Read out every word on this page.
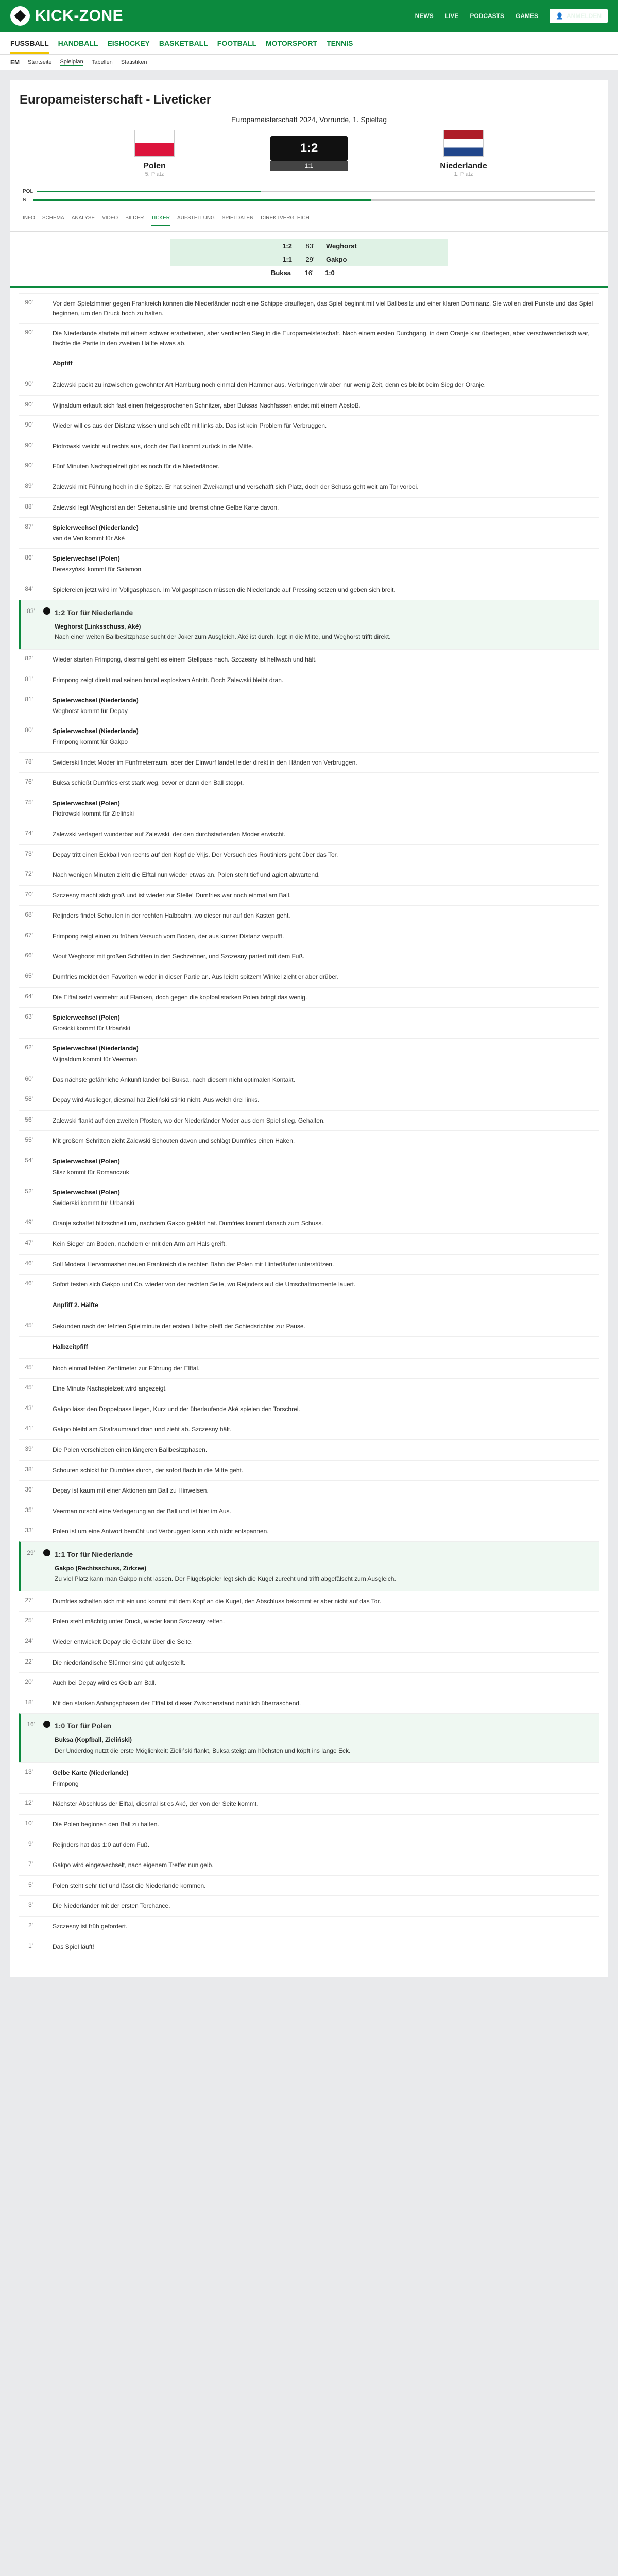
KICK-ZONE	NEWS LIVE PODCASTS GAMES	👤 ANMELDEN
FUSSBALL HANDBALL EISHOCKEY BASKETBALL FOOTBALL MOTORSPORT TENNIS
EM Startseite Spielplan Tabellen Statistiken
Europameisterschaft - Liveticker
Europameisterschaft 2024, Vorrunde, 1. Spieltag
Polen
5. Platz
1:2
1:1	Niederlande
1. Platz
POL
NL
INFO SCHEMA ANALYSE VIDEO BILDER TICKER AUFSTELLUNG SPIELDATEN DIREKTVERGLEICH
1:2	83'	Weghorst
1:1	29'	Gakpo
Buksa	16'	1:0
90'	Vor dem Spielzimmer gegen Frankreich können die Niederländer noch eine Schippe drauflegen, das Spiel beginnt mit viel Ballbesitz und einer klaren Dominanz. Sie wollen drei Punkte und das Spiel beginnen, um den Druck hoch zu halten.
90'	Die Niederlande startete mit einem schwer erarbeiteten, aber verdienten Sieg in die Europameisterschaft. Nach einem ersten Durchgang, in dem Oranje klar überlegen, aber verschwenderisch war, flachte die Partie in den zweiten Hälfte etwas ab.
Abpfiff
90'	Zalewski packt zu inzwischen gewohnter Art Hamburg noch einmal den Hammer aus. Verbringen wir aber nur wenig Zeit, denn es bleibt beim Sieg der Oranje.
90'	Wijnaldum erkauft sich fast einen freigesprochenen Schnitzer, aber Buksas Nachfassen endet mit einem Abstoß.
90'	Wieder will es aus der Distanz wissen und schießt mit links ab. Das ist kein Problem für Verbruggen.
90'	Piotrowski weicht auf rechts aus, doch der Ball kommt zurück in die Mitte.
90'	Fünf Minuten Nachspielzeit gibt es noch für die Niederländer.
89'	Zalewski mit Führung hoch in die Spitze. Er hat seinen Zweikampf und verschafft sich Platz, doch der Schuss geht weit am Tor vorbei.
88'	Zalewski legt Weghorst an der Seitenauslinie und bremst ohne Gelbe Karte davon.
87'	Spielerwechsel (Niederlande)
van de Ven kommt für Aké
86'	Spielerwechsel (Polen)
Bereszyński kommt für Salamon
84'	Spielereien jetzt wird im Vollgasphasen. Im Vollgasphasen müssen die Niederlande auf Pressing setzen und geben sich breit.
83'	1:2 Tor für Niederlande
Weghorst (Linksschuss, Akè)
Nach einer weiten Ballbesitzphase sucht der Joker zum Ausgleich. Aké ist durch, legt in die Mitte, und Weghorst trifft direkt.
82'	Wieder starten Frimpong, diesmal geht es einem Stellpass nach. Szczesny ist hellwach und hält.
81'	Frimpong zeigt direkt mal seinen brutal explosiven Antritt. Doch Zalewski bleibt dran.
81'	Spielerwechsel (Niederlande)
Weghorst kommt für Depay
80'	Spielerwechsel (Niederlande)
Frimpong kommt für Gakpo
78'	Swiderski findet Moder im Fünfmeterraum, aber der Einwurf landet leider direkt in den Händen von Verbruggen.
76'	Buksa schießt Dumfries erst stark weg, bevor er dann den Ball stoppt.
75'	Spielerwechsel (Polen)
Piotrowski kommt für Zieliński
74'	Zalewski verlagert wunderbar auf Zalewski, der den durchstartenden Moder erwischt.
73'	Depay tritt einen Eckball von rechts auf den Kopf de Vrijs. Der Versuch des Routiniers geht über das Tor.
72'	Nach wenigen Minuten zieht die Elftal nun wieder etwas an. Polen steht tief und agiert abwartend.
70'	Szczesny macht sich groß und ist wieder zur Stelle! Dumfries war noch einmal am Ball.
68'	Reijnders findet Schouten in der rechten Halbbahn, wo dieser nur auf den Kasten geht.
67'	Frimpong zeigt einen zu frühen Versuch vom Boden, der aus kurzer Distanz verpufft.
66'	Wout Weghorst mit großen Schritten in den Sechzehner, und Szczesny pariert mit dem Fuß.
65'	Dumfries meldet den Favoriten wieder in dieser Partie an. Aus leicht spitzem Winkel zieht er aber drüber.
64'	Die Elftal setzt vermehrt auf Flanken, doch gegen die kopfballstarken Polen bringt das wenig.
63'	Spielerwechsel (Polen)
Grosicki kommt für Urbański
62'	Spielerwechsel (Niederlande)
Wijnaldum kommt für Veerman
60'	Das nächste gefährliche Ankunft lander bei Buksa, nach diesem nicht optimalen Kontakt.
58'	Depay wird Auslieger, diesmal hat Zieliński stinkt nicht. Aus welch drei links.
56'	Zalewski flankt auf den zweiten Pfosten, wo der Niederländer Moder aus dem Spiel stieg. Gehalten.
55'	Mit großem Schritten zieht Zalewski Schouten davon und schlägt Dumfries einen Haken.
54'	Spielerwechsel (Polen)
Słisz kommt für Romanczuk
52'	Spielerwechsel (Polen)
Swiderski kommt für Urbanski
49'	Oranje schaltet blitzschnell um, nachdem Gakpo geklärt hat. Dumfries kommt danach zum Schuss.
47'	Kein Sieger am Boden, nachdem er mit den Arm am Hals greift.
46'	Soll Modera Hervormasher neuen Frankreich die rechten Bahn der Polen mit Hinterläufer unterstützen.
46'	Sofort testen sich Gakpo und Co. wieder von der rechten Seite, wo Reijnders auf die Umschaltmomente lauert.
Anpfiff 2. Hälfte
45'	Sekunden nach der letzten Spielminute der ersten Hälfte pfeift der Schiedsrichter zur Pause.
Halbzeitpfiff
45'	Noch einmal fehlen Zentimeter zur Führung der Elftal.
45'	Eine Minute Nachspielzeit wird angezeigt.
43'	Gakpo lässt den Doppelpass liegen, Kurz und der überlaufende Aké spielen den Torschrei.
41'	Gakpo bleibt am Strafraumrand dran und zieht ab. Szczesny hält.
39'	Die Polen verschieben einen längeren Ballbesitzphasen.
38'	Schouten schickt für Dumfries durch, der sofort flach in die Mitte geht.
36'	Depay ist kaum mit einer Aktionen am Ball zu Hinweisen.
35'	Veerman rutscht eine Verlagerung an der Ball und ist hier im Aus.
33'	Polen ist um eine Antwort bemüht und Verbruggen kann sich nicht entspannen.
29'	1:1 Tor für Niederlande
Gakpo (Rechtsschuss, Zirkzee)
Zu viel Platz kann man Gakpo nicht lassen. Der Flügelspieler legt sich die Kugel zurecht und trifft abgefälscht zum Ausgleich.
27'	Dumfries schalten sich mit ein und kommt mit dem Kopf an die Kugel, den Abschluss bekommt er aber nicht auf das Tor.
25'	Polen steht mächtig unter Druck, wieder kann Szczesny retten.
24'	Wieder entwickelt Depay die Gefahr über die Seite.
22'	Die niederländische Stürmer sind gut aufgestellt.
20'	Auch bei Depay wird es Gelb am Ball.
18'	Mit den starken Anfangsphasen der Elftal ist dieser Zwischenstand natürlich überraschend.
16'	1:0 Tor für Polen
Buksa (Kopfball, Zieliński)
Der Underdog nutzt die erste Möglichkeit: Zieliński flankt, Buksa steigt am höchsten und köpft ins lange Eck.
13'	Gelbe Karte (Niederlande)
Frimpong
12'	Nächster Abschluss der Elftal, diesmal ist es Aké, der von der Seite kommt.
10'	Die Polen beginnen den Ball zu halten.
9'	Reijnders hat das 1:0 auf dem Fuß.
7'	Gakpo wird eingewechselt, nach eigenem Treffer nun gelb.
5'	Polen steht sehr tief und lässt die Niederlande kommen.
3'	Die Niederländer mit der ersten Torchance.
2'	Szczesny ist früh gefordert.
1'	Das Spiel läuft!
